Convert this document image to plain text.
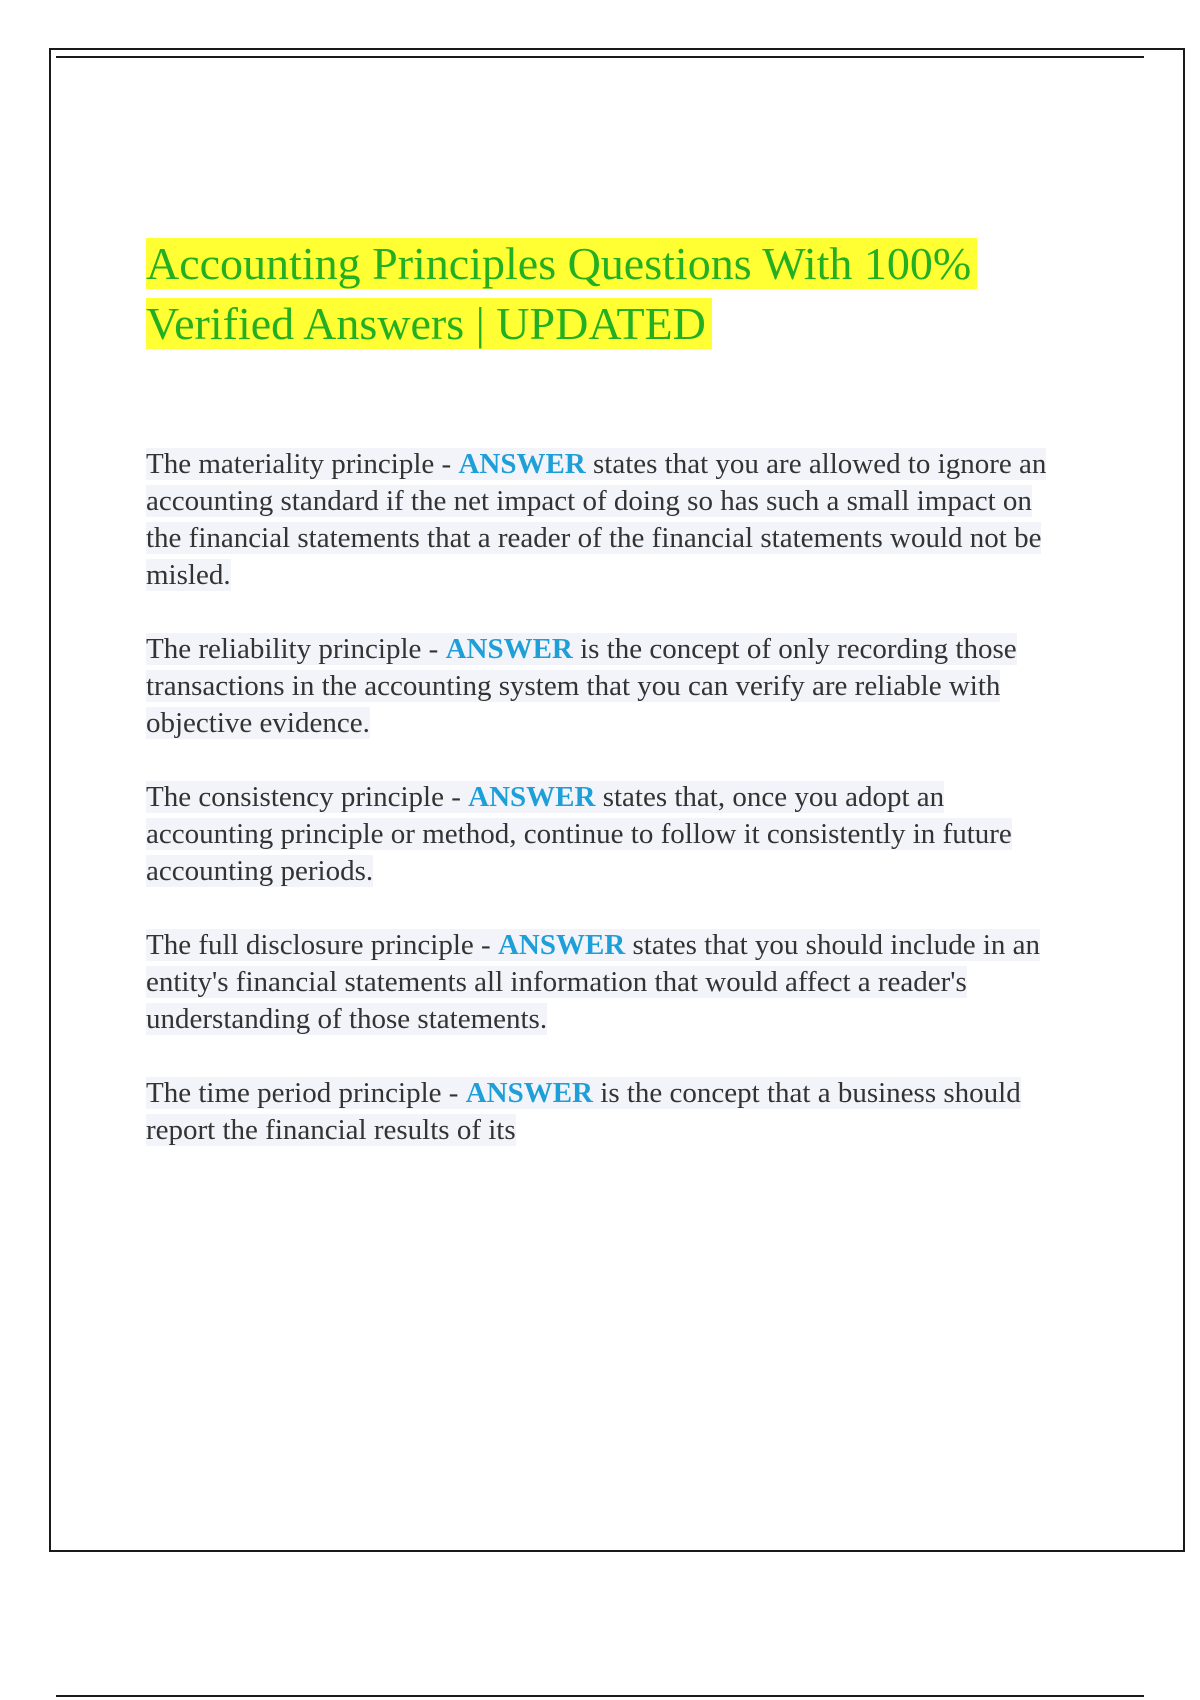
Accounting Principles Questions With 100%
Verified Answers | UPDATED

The materiality principle - ANSWER states that you are allowed to ignore an accounting standard if the net impact of doing so has such a small impact on the financial statements that a reader of the financial statements would not be misled.

The reliability principle - ANSWER is the concept of only recording those transactions in the accounting system that you can verify are reliable with objective evidence.

The consistency principle - ANSWER states that, once you adopt an accounting principle or method, continue to follow it consistently in future accounting periods.

The full disclosure principle - ANSWER states that you should include in an entity's financial statements all information that would affect a reader's understanding of those statements.

The time period principle - ANSWER is the concept that a business should report the financial results of its
